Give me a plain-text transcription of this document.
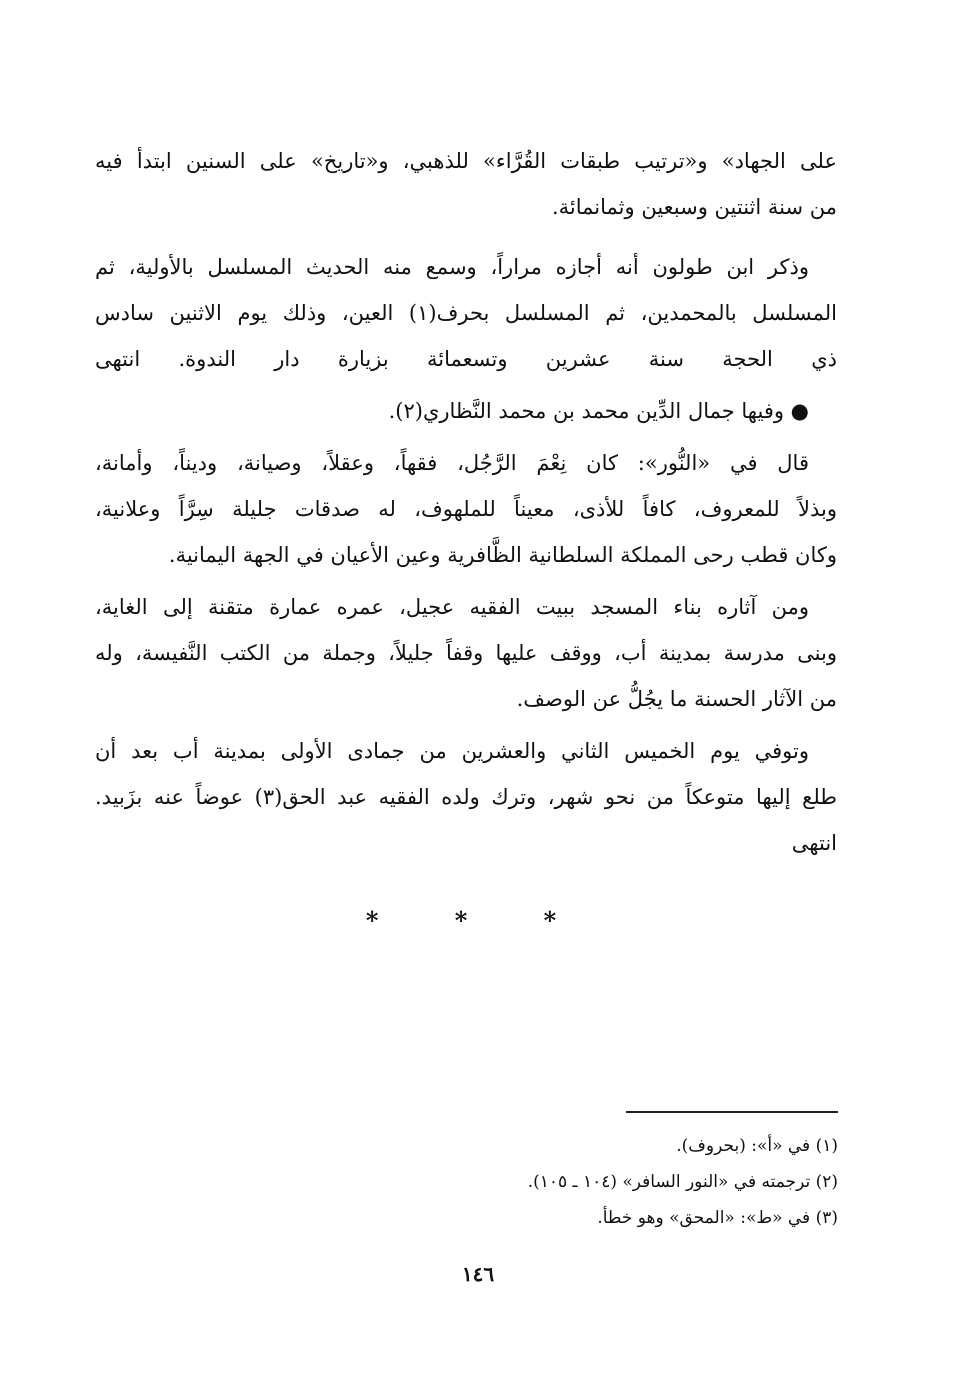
على الجهاد» و«ترتيب طبقات القُرَّاء» للذهبي، و«تاريخ» على السنين ابتدأ فيه
من سنة اثنتين وسبعين وثمانمائة.

وذكر ابن طولون أنه أجازه مراراً، وسمع منه الحديث المسلسل بالأولية، ثم
المسلسل بالمحمدين، ثم المسلسل بحرف(١) العين، وذلك يوم الاثنين سادس
ذي الحجة سنة عشرين وتسعمائة بزيارة دار الندوة. انتهى

● وفيها جمال الدِّين محمد بن محمد النَّظاري(٢).

قال في «النُّور»: كان نِعْمَ الرَّجُل، فقهاً، وعقلاً، وصيانة، وديناً، وأمانة،
وبذلاً للمعروف، كافاً للأذى، معيناً للملهوف، له صدقات جليلة سِرَّاً وعلانية،
وكان قطب رحى المملكة السلطانية الظَّافرية وعين الأعيان في الجهة اليمانية.

ومن آثاره بناء المسجد ببيت الفقيه عجيل، عمره عمارة متقنة إلى الغاية،
وبنى مدرسة بمدينة أب، ووقف عليها وقفاً جليلاً، وجملة من الكتب النَّفيسة، وله
من الآثار الحسنة ما يجُلُّ عن الوصف.

وتوفي يوم الخميس الثاني والعشرين من جمادى الأولى بمدينة أب بعد أن
طلع إليها متوعكاً من نحو شهر، وترك ولده الفقيه عبد الحق(٣) عوضاً عنه بزَبيد.
انتهى

* * *
(١) في «أ»: (بحروف).
(٢) ترجمته في «النور السافر» (١٠٤ ـ ١٠٥).
(٣) في «ط»: «المحق» وهو خطأ.
١٤٦
